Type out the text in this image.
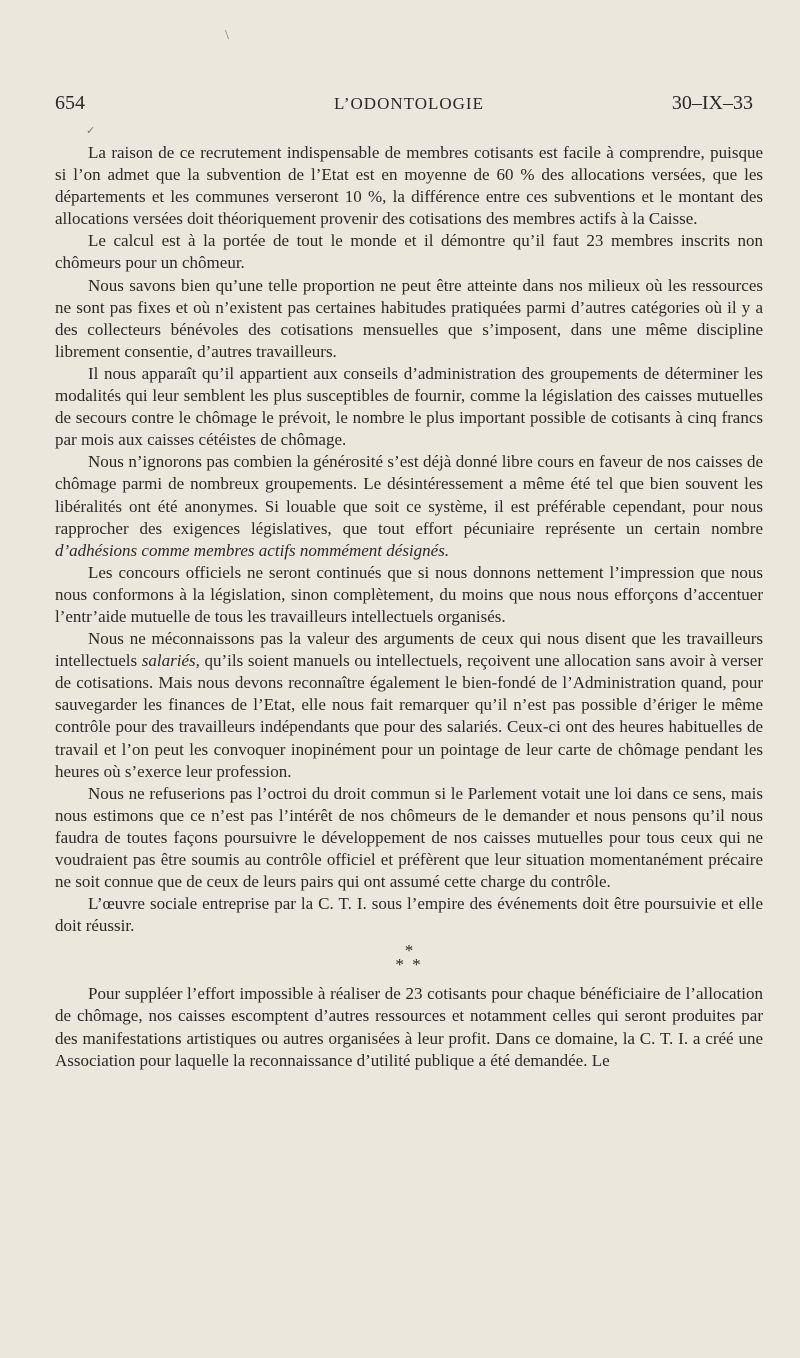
\
✓
654	L’ODONTOLOGIE	30–IX–33

La raison de ce recrutement indispensable de membres cotisants est facile à comprendre, puisque si l’on admet que la subvention de l’Etat est en moyenne de 60 % des allocations versées, que les départements et les communes verseront 10 %, la différence entre ces subventions et le montant des allocations versées doit théoriquement provenir des cotisations des membres actifs à la Caisse.

Le calcul est à la portée de tout le monde et il démontre qu’il faut 23 membres inscrits non chômeurs pour un chômeur.

Nous savons bien qu’une telle proportion ne peut être atteinte dans nos milieux où les ressources ne sont pas fixes et où n’existent pas certaines habitudes pratiquées parmi d’autres catégories où il y a des collecteurs bénévoles des cotisations mensuelles que s’imposent, dans une même discipline librement consentie, d’autres travailleurs.

Il nous apparaît qu’il appartient aux conseils d’administration des groupements de déterminer les modalités qui leur semblent les plus susceptibles de fournir, comme la législation des caisses mutuelles de secours contre le chômage le prévoit, le nombre le plus important possible de cotisants à cinq francs par mois aux caisses cétéistes de chômage.

Nous n’ignorons pas combien la générosité s’est déjà donné libre cours en faveur de nos caisses de chômage parmi de nombreux groupements. Le désintéressement a même été tel que bien souvent les libéralités ont été anonymes. Si louable que soit ce système, il est préférable cependant, pour nous rapprocher des exigences législatives, que tout effort pécuniaire représente un certain nombre d’adhésions comme membres actifs nommément désignés.

Les concours officiels ne seront continués que si nous donnons nettement l’impression que nous nous conformons à la législation, sinon complètement, du moins que nous nous efforçons d’accentuer l’entr’aide mutuelle de tous les travailleurs intellectuels organisés.

Nous ne méconnaissons pas la valeur des arguments de ceux qui nous disent que les travailleurs intellectuels salariés, qu’ils soient manuels ou intellectuels, reçoivent une allocation sans avoir à verser de cotisations. Mais nous devons reconnaître également le bien-fondé de l’Administration quand, pour sauvegarder les finances de l’Etat, elle nous fait remarquer qu’il n’est pas possible d’ériger le même contrôle pour des travailleurs indépendants que pour des salariés. Ceux-ci ont des heures habituelles de travail et l’on peut les convoquer inopinément pour un pointage de leur carte de chômage pendant les heures où s’exerce leur profession.

Nous ne refuserions pas l’octroi du droit commun si le Parlement votait une loi dans ce sens, mais nous estimons que ce n’est pas l’intérêt de nos chômeurs de le demander et nous pensons qu’il nous faudra de toutes façons poursuivre le développement de nos caisses mutuelles pour tous ceux qui ne voudraient pas être soumis au contrôle officiel et préfèrent que leur situation momentanément précaire ne soit connue que de ceux de leurs pairs qui ont assumé cette charge du contrôle.

L’œuvre sociale entreprise par la C. T. I. sous l’empire des événements doit être poursuivie et elle doit réussir.

*
* *

Pour suppléer l’effort impossible à réaliser de 23 cotisants pour chaque bénéficiaire de l’allocation de chômage, nos caisses escomptent d’autres ressources et notamment celles qui seront produites par des manifestations artistiques ou autres organisées à leur profit. Dans ce domaine, la C. T. I. a créé une Association pour laquelle la reconnaissance d’utilité publique a été demandée. Le
